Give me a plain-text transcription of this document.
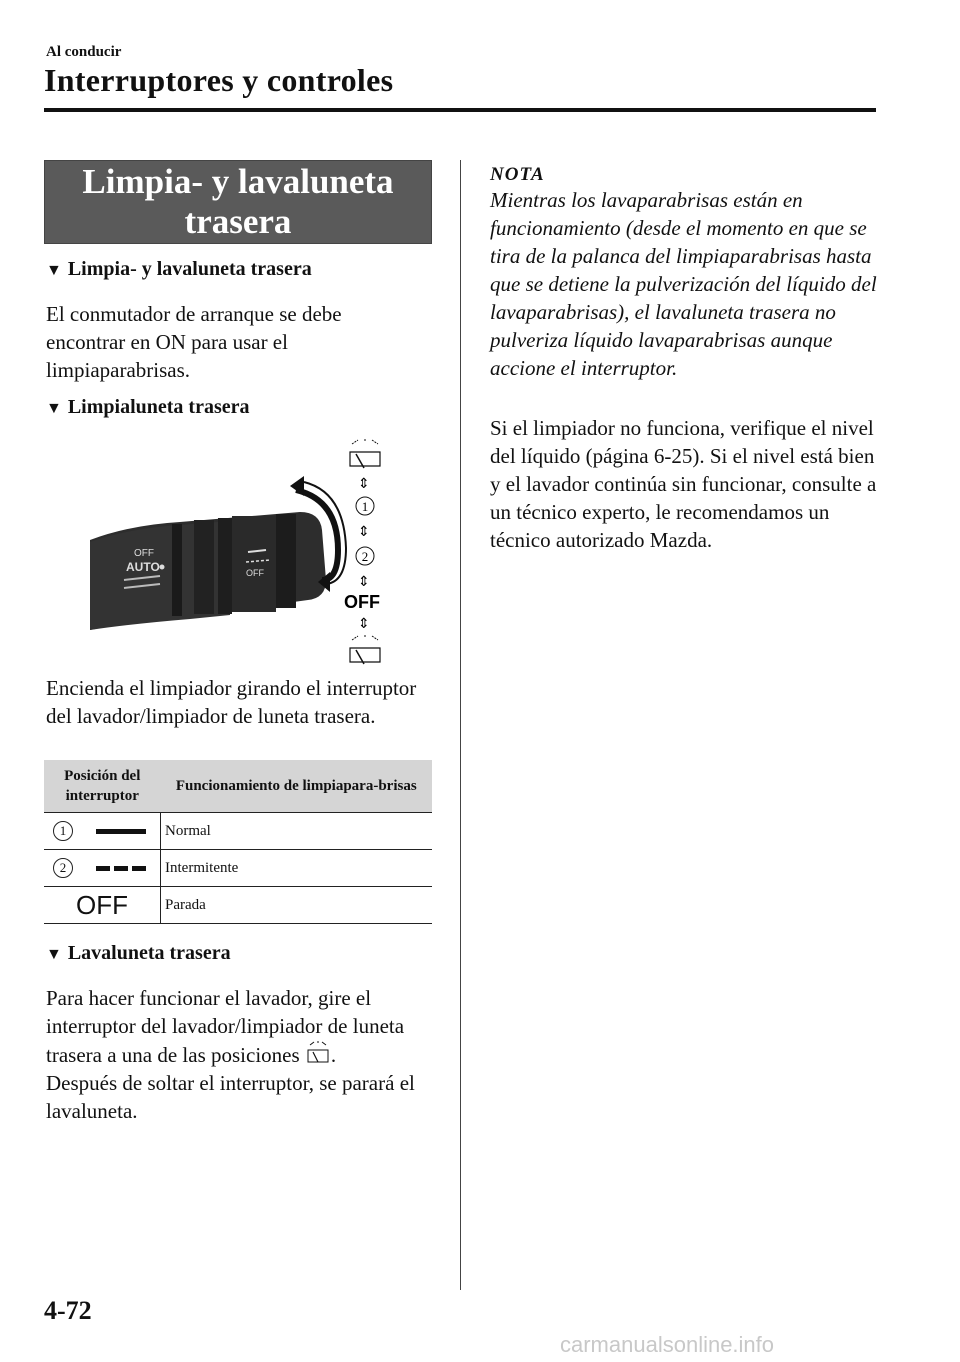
Al conducir
Interruptores y controles
Limpia- y lavaluneta
trasera
▼ Limpia- y lavaluneta trasera
El conmutador de arranque se debe encontrar en ON para usar el limpiaparabrisas.
▼ Limpialuneta trasera
OFF
AUTO	OFF
⇕
1
⇕
2
⇕
OFF
⇕
Encienda el limpiador girando el interruptor del lavador/limpiador de luneta trasera.
Posición del interruptor		Funcionamiento de limpiapara-brisas
1		Normal
2		Intermitente
OFF		Parada
▼ Lavaluneta trasera
Para hacer funcionar el lavador, gire el interruptor del lavador/limpiador de luneta trasera a una de las posiciones .
Después de soltar el interruptor, se parará el lavaluneta.
NOTA
Mientras los lavaparabrisas están en funcionamiento (desde el momento en que se tira de la palanca del limpiaparabrisas hasta que se detiene la pulverización del líquido del lavaparabrisas), el lavaluneta trasera no pulveriza líquido lavaparabrisas aunque accione el interruptor.
Si el limpiador no funciona, verifique el nivel del líquido (página 6-25). Si el nivel está bien y el lavador continúa sin funcionar, consulte a un técnico experto, le recomendamos un técnico autorizado Mazda.
4-72
carmanualsonline.info
